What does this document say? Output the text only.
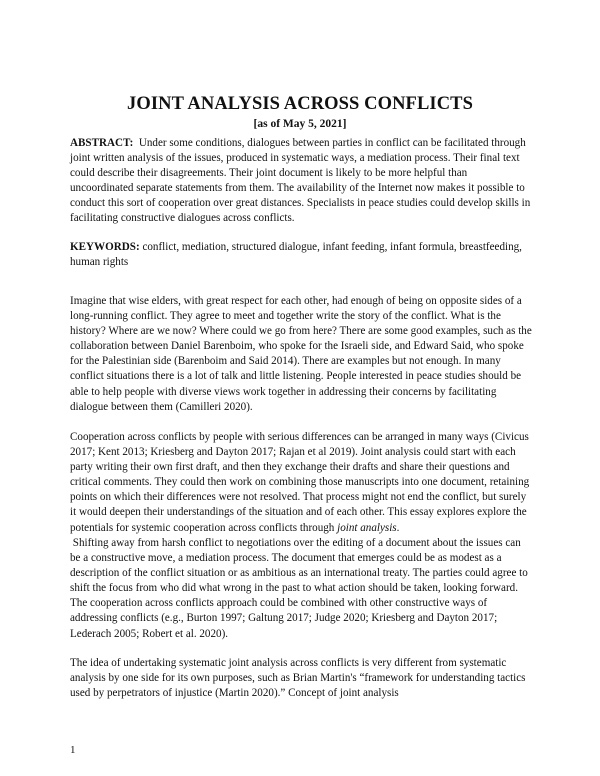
JOINT ANALYSIS ACROSS CONFLICTS
[as of May 5, 2021]

ABSTRACT: Under some conditions, dialogues between parties in conflict can be facilitated through joint written analysis of the issues, produced in systematic ways, a mediation process. Their final text could describe their disagreements. Their joint document is likely to be more helpful than uncoordinated separate statements from them. The availability of the Internet now makes it possible to conduct this sort of cooperation over great distances. Specialists in peace studies could develop skills in facilitating constructive dialogues across conflicts.

KEYWORDS: conflict, mediation, structured dialogue, infant feeding, infant formula, breastfeeding, human rights

Imagine that wise elders, with great respect for each other, had enough of being on opposite sides of a long-running conflict. They agree to meet and together write the story of the conflict. What is the history? Where are we now? Where could we go from here? There are some good examples, such as the collaboration between Daniel Barenboim, who spoke for the Israeli side, and Edward Said, who spoke for the Palestinian side (Barenboim and Said 2014). There are examples but not enough. In many conflict situations there is a lot of talk and little listening. People interested in peace studies should be able to help people with diverse views work together in addressing their concerns by facilitating dialogue between them (Camilleri 2020).

Cooperation across conflicts by people with serious differences can be arranged in many ways (Civicus 2017; Kent 2013; Kriesberg and Dayton 2017; Rajan et al 2019). Joint analysis could start with each party writing their own first draft, and then they exchange their drafts and share their questions and critical comments. They could then work on combining those manuscripts into one document, retaining points on which their differences were not resolved. That process might not end the conflict, but surely it would deepen their understandings of the situation and of each other. This essay explores explore the potentials for systemic cooperation across conflicts through joint analysis.

Shifting away from harsh conflict to negotiations over the editing of a document about the issues can be a constructive move, a mediation process. The document that emerges could be as modest as a description of the conflict situation or as ambitious as an international treaty. The parties could agree to shift the focus from who did what wrong in the past to what action should be taken, looking forward. The cooperation across conflicts approach could be combined with other constructive ways of addressing conflicts (e.g., Burton 1997; Galtung 2017; Judge 2020; Kriesberg and Dayton 2017; Lederach 2005; Robert et al. 2020).

The idea of undertaking systematic joint analysis across conflicts is very different from systematic analysis by one side for its own purposes, such as Brian Martin's “framework for understanding tactics used by perpetrators of injustice (Martin 2020).” Concept of joint analysis

1
